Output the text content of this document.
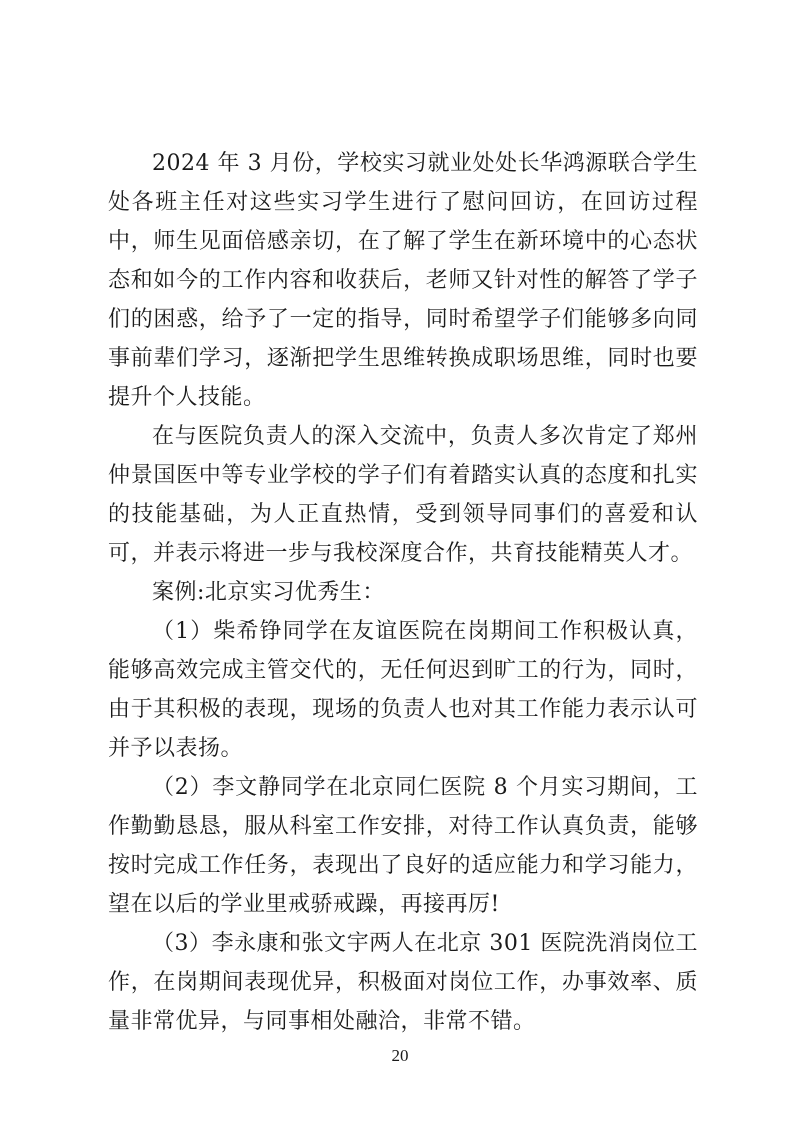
2024 年 3 月份，学校实习就业处处长华鸿源联合学生处各班主任对这些实习学生进行了慰问回访，在回访过程中，师生见面倍感亲切，在了解了学生在新环境中的心态状态和如今的工作内容和收获后，老师又针对性的解答了学子们的困惑，给予了一定的指导，同时希望学子们能够多向同事前辈们学习，逐渐把学生思维转换成职场思维，同时也要提升个人技能。

在与医院负责人的深入交流中，负责人多次肯定了郑州仲景国医中等专业学校的学子们有着踏实认真的态度和扎实的技能基础，为人正直热情，受到领导同事们的喜爱和认可，并表示将进一步与我校深度合作，共育技能精英人才。

案例:北京实习优秀生：

（1）柴希铮同学在友谊医院在岗期间工作积极认真，能够高效完成主管交代的，无任何迟到旷工的行为，同时，由于其积极的表现，现场的负责人也对其工作能力表示认可并予以表扬。

（2）李文静同学在北京同仁医院 8 个月实习期间，工作勤勤恳恳，服从科室工作安排，对待工作认真负责，能够按时完成工作任务，表现出了良好的适应能力和学习能力，望在以后的学业里戒骄戒躁，再接再厉!

（3）李永康和张文宇两人在北京 301 医院洗消岗位工作，在岗期间表现优异，积极面对岗位工作，办事效率、质量非常优异，与同事相处融洽，非常不错。

20
